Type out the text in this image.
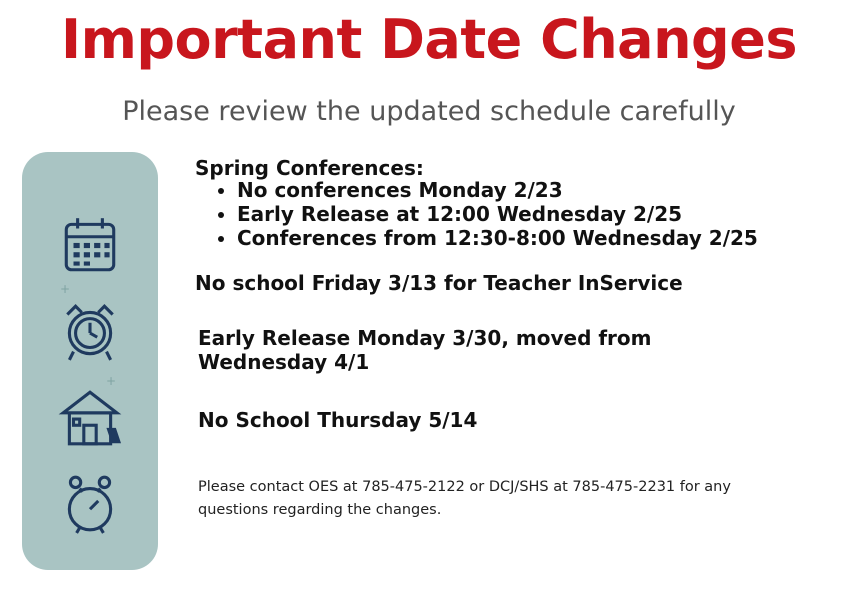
Important Date Changes
Please review the updated schedule carefully
+
+
Spring Conferences:
• No conferences Monday 2/23
• Early Release at 12:00 Wednesday 2/25
• Conferences from 12:30-8:00 Wednesday 2/25
No school Friday 3/13 for Teacher InService
Early Release Monday 3/30, moved from Wednesday 4/1
No School Thursday 5/14
Please contact OES at 785-475-2122 or DCJ/SHS at 785-475-2231 for any questions regarding the changes.
